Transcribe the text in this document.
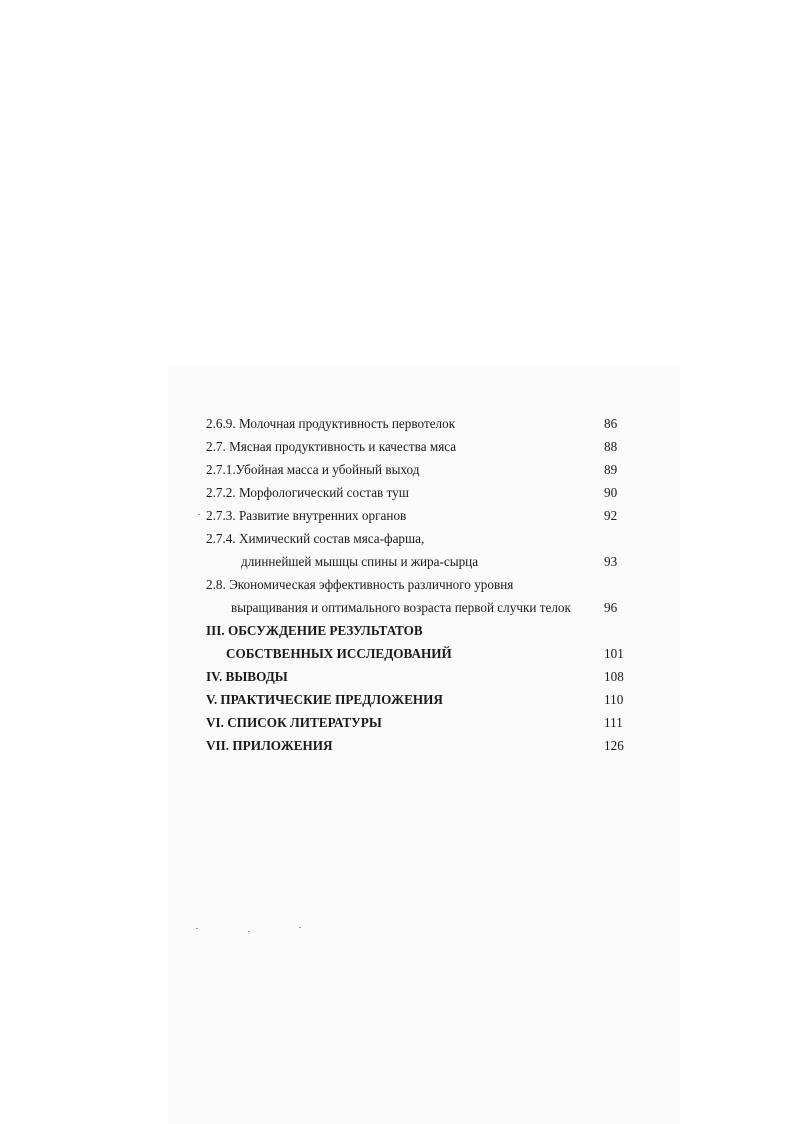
2.6.9. Молочная продуктивность первотелок	86
2.7. Мясная продуктивность и качества мяса	88
2.7.1.Убойная масса и убойный выход	89
2.7.2. Морфологический состав туш	90
2.7.3. Развитие внутренних органов	92
2.7.4. Химический состав мяса-фарша,
длиннейшей мышцы спины и жира-сырца	93
2.8. Экономическая эффективность различного уровня
выращивания и оптимального возраста первой случки телок	96
III. ОБСУЖДЕНИЕ РЕЗУЛЬТАТОВ
СОБСТВЕННЫХ ИССЛЕДОВАНИЙ	101
IV. ВЫВОДЫ	108
V. ПРАКТИЧЕСКИЕ ПРЕДЛОЖЕНИЯ	110
VI. СПИСОК ЛИТЕРАТУРЫ	111
VII. ПРИЛОЖЕНИЯ	126
